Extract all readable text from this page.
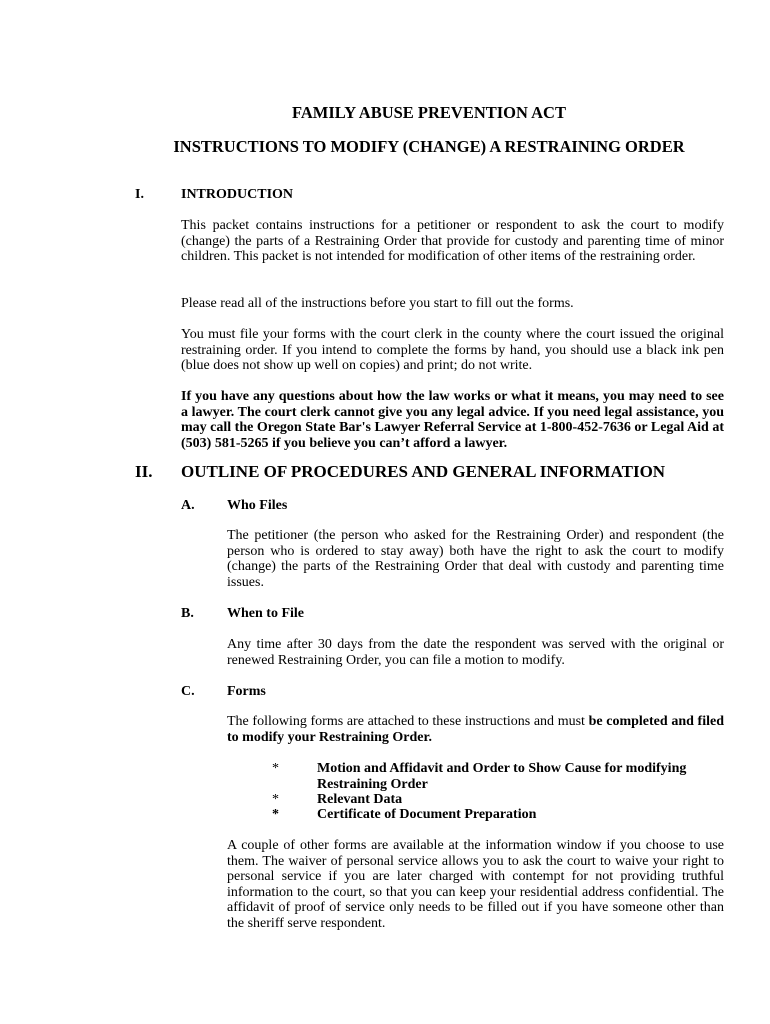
FAMILY ABUSE PREVENTION ACT
INSTRUCTIONS TO MODIFY (CHANGE) A RESTRAINING ORDER
I.	INTRODUCTION

This packet contains instructions for a petitioner or respondent to ask the court to modify (change) the parts of a Restraining Order that provide for custody and parenting time of minor children. This packet is not intended for modification of other items of the restraining order.

Please read all of the instructions before you start to fill out the forms.

You must file your forms with the court clerk in the county where the court issued the original restraining order. If you intend to complete the forms by hand, you should use a black ink pen (blue does not show up well on copies) and print; do not write.

If you have any questions about how the law works or what it means, you may need to see a lawyer. The court clerk cannot give you any legal advice. If you need legal assistance, you may call the Oregon State Bar's Lawyer Referral Service at 1-800-452-7636 or Legal Aid at (503) 581-5265 if you believe you can’t afford a lawyer.

II. OUTLINE OF PROCEDURES AND GENERAL INFORMATION
A. Who Files

The petitioner (the person who asked for the Restraining Order) and respondent (the person who is ordered to stay away) both have the right to ask the court to modify (change) the parts of the Restraining Order that deal with custody and parenting time issues.

B. When to File

Any time after 30 days from the date the respondent was served with the original or renewed Restraining Order, you can file a motion to modify.

C. Forms

The following forms are attached to these instructions and must be completed and filed to modify your Restraining Order.

*	Motion and Affidavit and Order to Show Cause for modifying Restraining Order
*	Relevant Data
*	Certificate of Document Preparation

A couple of other forms are available at the information window if you choose to use them. The waiver of personal service allows you to ask the court to waive your right to personal service if you are later charged with contempt for not providing truthful information to the court, so that you can keep your residential address confidential. The affidavit of proof of service only needs to be filled out if you have someone other than the sheriff serve respondent.
